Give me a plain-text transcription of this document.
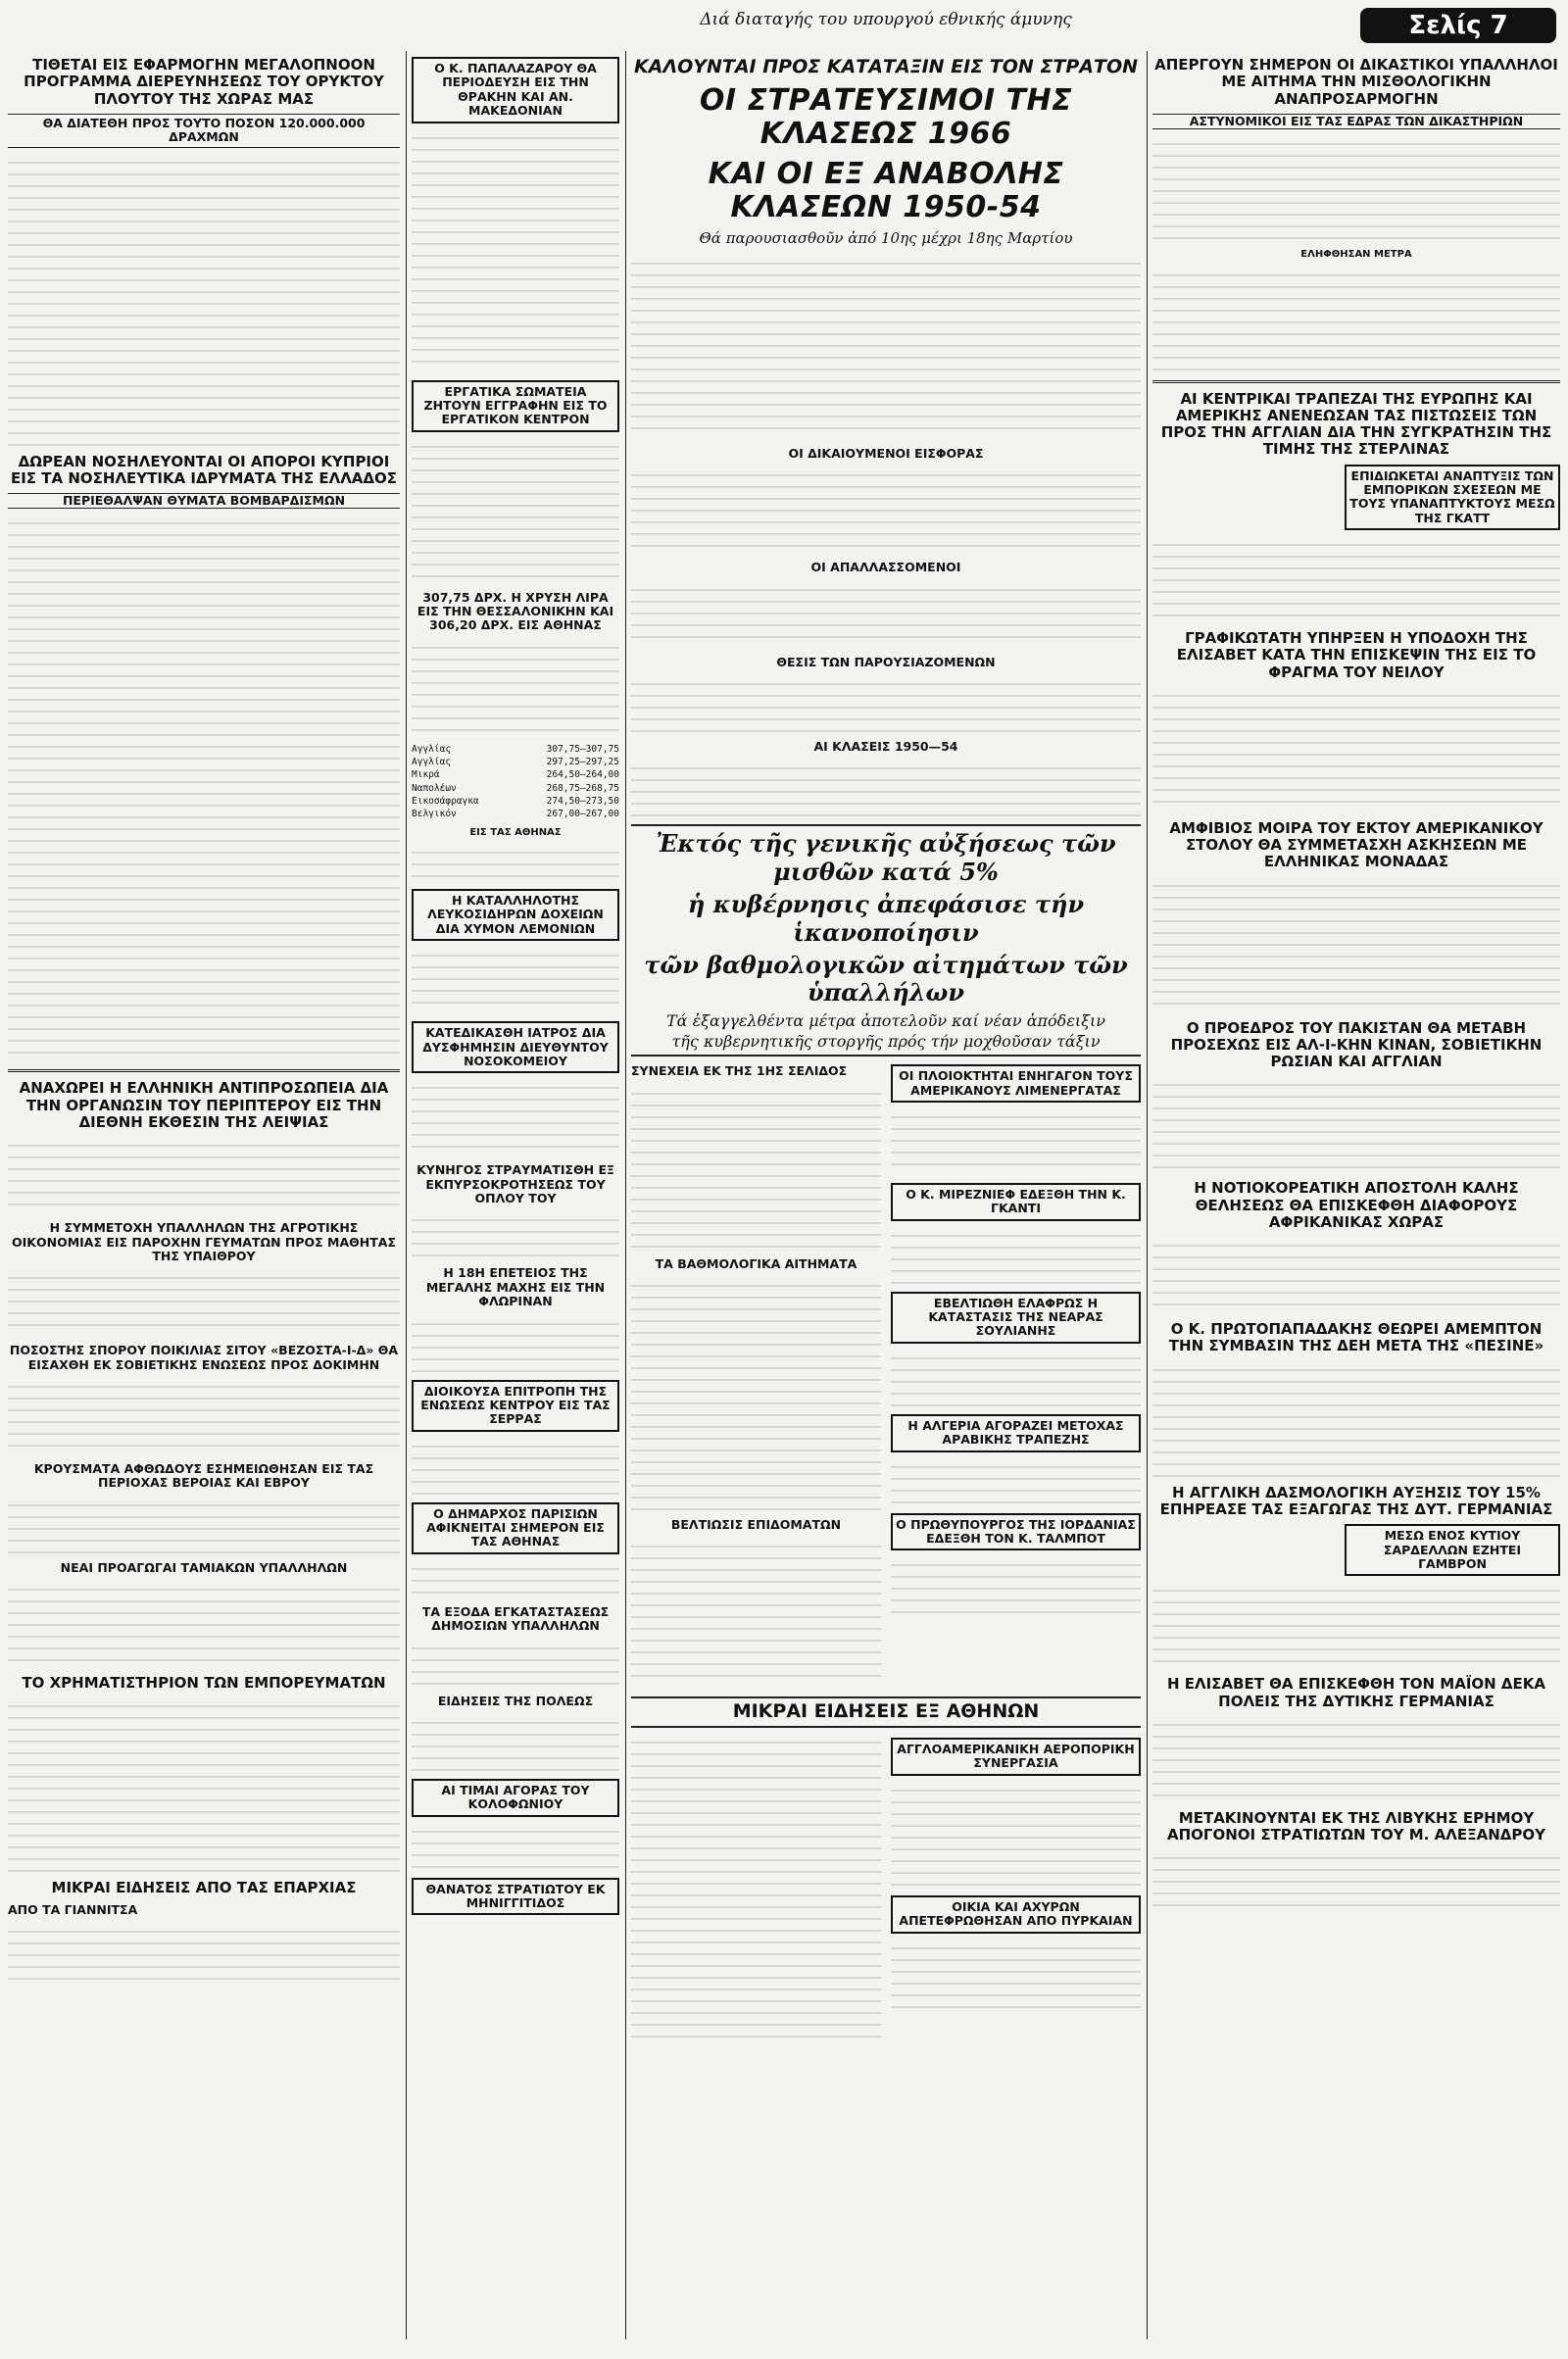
Διά διαταγής του υπουργού εθνικής άμυνης	Σελίς 7
ΤΙΘΕΤΑΙ ΕΙΣ ΕΦΑΡΜΟΓΗΝ ΜΕΓΑΛΟΠΝΟΟΝ ΠΡΟΓΡΑΜΜΑ ΔΙΕΡΕΥΝΗΣΕΩΣ ΤΟΥ ΟΡΥΚΤΟΥ ΠΛΟΥΤΟΥ ΤΗΣ ΧΩΡΑΣ ΜΑΣ
ΘΑ ΔΙΑΤΕΘΗ ΠΡΟΣ ΤΟΥΤΟ ΠΟΣΟΝ 120.000.000 ΔΡΑΧΜΩΝ
ΔΩΡΕΑΝ ΝΟΣΗΛΕΥΟΝΤΑΙ ΟΙ ΑΠΟΡΟΙ ΚΥΠΡΙΟΙ ΕΙΣ ΤΑ ΝΟΣΗΛΕΥΤΙΚΑ ΙΔΡΥΜΑΤΑ ΤΗΣ ΕΛΛΑΔΟΣ
ΠΕΡΙΕΘΑΛΨΑΝ ΘΥΜΑΤΑ ΒΟΜΒΑΡΔΙΣΜΩΝ
ΑΝΑΧΩΡΕΙ Η ΕΛΛΗΝΙΚΗ ΑΝΤΙΠΡΟΣΩΠΕΙΑ ΔΙΑ ΤΗΝ ΟΡΓΑΝΩΣΙΝ ΤΟΥ ΠΕΡΙΠΤΕΡΟΥ ΕΙΣ ΤΗΝ ΔΙΕΘΝΗ ΕΚΘΕΣΙΝ ΤΗΣ ΛΕΙΨΙΑΣ
Η ΣΥΜΜΕΤΟΧΗ ΥΠΑΛΛΗΛΩΝ ΤΗΣ ΑΓΡΟΤΙΚΗΣ ΟΙΚΟΝΟΜΙΑΣ ΕΙΣ ΠΑΡΟΧΗΝ ΓΕΥΜΑΤΩΝ ΠΡΟΣ ΜΑΘΗΤΑΣ ΤΗΣ ΥΠΑΙΘΡΟΥ
ΠΟΣΟΣΤΗΣ ΣΠΟΡΟΥ ΠΟΙΚΙΛΙΑΣ ΣΙΤΟΥ «ΒΕΖΟΣΤΑ-Ι-Δ» ΘΑ ΕΙΣΑΧΘΗ ΕΚ ΣΟΒΙΕΤΙΚΗΣ ΕΝΩΣΕΩΣ ΠΡΟΣ ΔΟΚΙΜΗΝ
ΚΡΟΥΣΜΑΤΑ ΑΦΘΩΔΟΥΣ ΕΣΗΜΕΙΩΘΗΣΑΝ ΕΙΣ ΤΑΣ ΠΕΡΙΟΧΑΣ ΒΕΡΟΙΑΣ ΚΑΙ ΕΒΡΟΥ
ΝΕΑΙ ΠΡΟΑΓΩΓΑΙ ΤΑΜΙΑΚΩΝ ΥΠΑΛΛΗΛΩΝ
ΤΟ ΧΡΗΜΑΤΙΣΤΗΡΙΟΝ ΤΩΝ ΕΜΠΟΡΕΥΜΑΤΩΝ
ΜΙΚΡΑΙ ΕΙΔΗΣΕΙΣ ΑΠΟ ΤΑΣ ΕΠΑΡΧΙΑΣ
ΑΠΟ ΤΑ ΓΙΑΝΝΙΤΣΑ
Ο Κ. ΠΑΠΑΛΑΖΑΡΟΥ ΘΑ ΠΕΡΙΟΔΕΥΣΗ ΕΙΣ ΤΗΝ ΘΡΑΚΗΝ ΚΑΙ ΑΝ. ΜΑΚΕΔΟΝΙΑΝ
ΕΡΓΑΤΙΚΑ ΣΩΜΑΤΕΙΑ ΖΗΤΟΥΝ ΕΓΓΡΑΦΗΝ ΕΙΣ ΤΟ ΕΡΓΑΤΙΚΟΝ ΚΕΝΤΡΟΝ
307,75 ΔΡΧ. Η ΧΡΥΣΗ ΛΙΡΑ ΕΙΣ ΤΗΝ ΘΕΣΣΑΛΟΝΙΚΗΝ ΚΑΙ 306,20 ΔΡΧ. ΕΙΣ ΑΘΗΝΑΣ
Αγγλίας	307,75—307,75
Αγγλίας	297,25—297,25
Μικρά	264,50—264,00
Ναπολέων	268,75—268,75
Εικοσάφραγκα	274,50—273,50
Βελγικόν	267,00—267,00
ΕΙΣ ΤΑΣ ΑΘΗΝΑΣ
Η ΚΑΤΑΛΛΗΛΟΤΗΣ ΛΕΥΚΟΣΙΔΗΡΩΝ ΔΟΧΕΙΩΝ ΔΙΑ ΧΥΜΟΝ ΛΕΜΟΝΙΩΝ
ΚΑΤΕΔΙΚΑΣΘΗ ΙΑΤΡΟΣ ΔΙΑ ΔΥΣΦΗΜΗΣΙΝ ΔΙΕΥΘΥΝΤΟΥ ΝΟΣΟΚΟΜΕΙΟΥ
ΚΥΝΗΓΟΣ ΣΤΡΑΥΜΑΤΙΣΘΗ ΕΞ ΕΚΠΥΡΣΟΚΡΟΤΗΣΕΩΣ ΤΟΥ ΟΠΛΟΥ ΤΟΥ
Η 18Η ΕΠΕΤΕΙΟΣ ΤΗΣ ΜΕΓΑΛΗΣ ΜΑΧΗΣ ΕΙΣ ΤΗΝ ΦΛΩΡΙΝΑΝ
ΔΙΟΙΚΟΥΣΑ ΕΠΙΤΡΟΠΗ ΤΗΣ ΕΝΩΣΕΩΣ ΚΕΝΤΡΟΥ ΕΙΣ ΤΑΣ ΣΕΡΡΑΣ
Ο ΔΗΜΑΡΧΟΣ ΠΑΡΙΣΙΩΝ ΑΦΙΚΝΕΙΤΑΙ ΣΗΜΕΡΟΝ ΕΙΣ ΤΑΣ ΑΘΗΝΑΣ
ΤΑ ΕΞΟΔΑ ΕΓΚΑΤΑΣΤΑΣΕΩΣ ΔΗΜΟΣΙΩΝ ΥΠΑΛΛΗΛΩΝ
ΕΙΔΗΣΕΙΣ ΤΗΣ ΠΟΛΕΩΣ
ΑΙ ΤΙΜΑΙ ΑΓΟΡΑΣ ΤΟΥ ΚΟΛΟΦΩΝΙΟΥ
ΘΑΝΑΤΟΣ ΣΤΡΑΤΙΩΤΟΥ ΕΚ ΜΗΝΙΓΓΙΤΙΔΟΣ
ΚΑΛΟΥΝΤΑΙ ΠΡΟΣ ΚΑΤΑΤΑΞΙΝ ΕΙΣ ΤΟΝ ΣΤΡΑΤΟΝ
ΟΙ ΣΤΡΑΤΕΥΣΙΜΟΙ ΤΗΣ ΚΛΑΣΕΩΣ 1966
ΚΑΙ ΟΙ ΕΞ ΑΝΑΒΟΛΗΣ ΚΛΑΣΕΩΝ 1950-54
Θά παρουσιασθοῦν ἀπό 10ης μέχρι 18ης Μαρτίου
ΟΙ ΔΙΚΑΙΟΥΜΕΝΟΙ ΕΙΣΦΟΡΑΣ
ΟΙ ΑΠΑΛΛΑΣΣΟΜΕΝΟΙ
ΘΕΣΙΣ ΤΩΝ ΠΑΡΟΥΣΙΑΖΟΜΕΝΩΝ
ΑΙ ΚΛΑΣΕΙΣ 1950—54
Ἐκτός τῆς γενικῆς αὐξήσεως τῶν μισθῶν κατά 5%
ἡ κυβέρνησις ἀπεφάσισε τήν ἱκανοποίησιν
τῶν βαθμολογικῶν αἰτημάτων τῶν ὑπαλλήλων
Τά ἐξαγγελθέντα μέτρα ἀποτελοῦν καί νέαν ἀπόδειξιν
τῆς κυβερνητικῆς στοργῆς πρός τήν μοχθοῦσαν τάξιν
ΣΥΝΕΧΕΙΑ ΕΚ ΤΗΣ 1ΗΣ ΣΕΛΙΔΟΣ
ΤΑ ΒΑΘΜΟΛΟΓΙΚΑ ΑΙΤΗΜΑΤΑ
ΒΕΛΤΙΩΣΙΣ ΕΠΙΔΟΜΑΤΩΝ
ΟΙ ΠΛΟΙΟΚΤΗΤΑΙ ΕΝΗΓΑΓΟΝ ΤΟΥΣ ΑΜΕΡΙΚΑΝΟΥΣ ΛΙΜΕΝΕΡΓΑΤΑΣ
Ο Κ. ΜΙΡΕΖΝΙΕΦ ΕΔΕΞΘΗ ΤΗΝ Κ. ΓΚΑΝΤΙ
ΕΒΕΛΤΙΩΘΗ ΕΛΑΦΡΩΣ Η ΚΑΤΑΣΤΑΣΙΣ ΤΗΣ ΝΕΑΡΑΣ ΣΟΥΛΙΑΝΗΣ
Η ΑΛΓΕΡΙΑ ΑΓΟΡΑΖΕΙ ΜΕΤΟΧΑΣ ΑΡΑΒΙΚΗΣ ΤΡΑΠΕΖΗΣ
Ο ΠΡΩΘΥΠΟΥΡΓΟΣ ΤΗΣ ΙΟΡΔΑΝΙΑΣ ΕΔΕΞΘΗ ΤΟΝ Κ. ΤΑΛΜΠΟΤ
ΜΙΚΡΑΙ ΕΙΔΗΣΕΙΣ ΕΞ ΑΘΗΝΩΝ
ΑΓΓΛΟΑΜΕΡΙΚΑΝΙΚΗ ΑΕΡΟΠΟΡΙΚΗ ΣΥΝΕΡΓΑΣΙΑ
ΟΙΚΙΑ ΚΑΙ ΑΧΥΡΩΝ ΑΠΕΤΕΦΡΩΘΗΣΑΝ ΑΠΟ ΠΥΡΚΑΙΑΝ
ΑΠΕΡΓΟΥΝ ΣΗΜΕΡΟΝ ΟΙ ΔΙΚΑΣΤΙΚΟΙ ΥΠΑΛΛΗΛΟΙ ΜΕ ΑΙΤΗΜΑ ΤΗΝ ΜΙΣΘΟΛΟΓΙΚΗΝ ΑΝΑΠΡΟΣΑΡΜΟΓΗΝ
ΑΣΤΥΝΟΜΙΚΟΙ ΕΙΣ ΤΑΣ ΕΔΡΑΣ ΤΩΝ ΔΙΚΑΣΤΗΡΙΩΝ
ΕΛΗΦΘΗΣΑΝ ΜΕΤΡΑ
ΑΙ ΚΕΝΤΡΙΚΑΙ ΤΡΑΠΕΖΑΙ ΤΗΣ ΕΥΡΩΠΗΣ ΚΑΙ ΑΜΕΡΙΚΗΣ ΑΝΕΝΕΩΣΑΝ ΤΑΣ ΠΙΣΤΩΣΕΙΣ ΤΩΝ ΠΡΟΣ ΤΗΝ ΑΓΓΛΙΑΝ ΔΙΑ ΤΗΝ ΣΥΓΚΡΑΤΗΣΙΝ ΤΗΣ ΤΙΜΗΣ ΤΗΣ ΣΤΕΡΛΙΝΑΣ
ΕΠΙΔΙΩΚΕΤΑΙ ΑΝΑΠΤΥΞΙΣ ΤΩΝ ΕΜΠΟΡΙΚΩΝ ΣΧΕΣΕΩΝ ΜΕ ΤΟΥΣ ΥΠΑΝΑΠΤΥΚΤΟΥΣ ΜΕΣΩ ΤΗΣ ΓΚΑΤΤ
ΓΡΑΦΙΚΩΤΑΤΗ ΥΠΗΡΞΕΝ Η ΥΠΟΔΟΧΗ ΤΗΣ ΕΛΙΣΑΒΕΤ ΚΑΤΑ ΤΗΝ ΕΠΙΣΚΕΨΙΝ ΤΗΣ ΕΙΣ ΤΟ ΦΡΑΓΜΑ ΤΟΥ ΝΕΙΛΟΥ
ΑΜΦΙΒΙΟΣ ΜΟΙΡΑ ΤΟΥ ΕΚΤΟΥ ΑΜΕΡΙΚΑΝΙΚΟΥ ΣΤΟΛΟΥ ΘΑ ΣΥΜΜΕΤΑΣΧΗ ΑΣΚΗΣΕΩΝ ΜΕ ΕΛΛΗΝΙΚΑΣ ΜΟΝΑΔΑΣ
Ο ΠΡΟΕΔΡΟΣ ΤΟΥ ΠΑΚΙΣΤΑΝ ΘΑ ΜΕΤΑΒΗ ΠΡΟΣΕΧΩΣ ΕΙΣ ΑΛ-Ι-ΚΗΝ ΚΙΝΑΝ, ΣΟΒΙΕΤΙΚΗΝ ΡΩΣΙΑΝ ΚΑΙ ΑΓΓΛΙΑΝ
Η ΝΟΤΙΟΚΟΡΕΑΤΙΚΗ ΑΠΟΣΤΟΛΗ ΚΑΛΗΣ ΘΕΛΗΣΕΩΣ ΘΑ ΕΠΙΣΚΕΦΘΗ ΔΙΑΦΟΡΟΥΣ ΑΦΡΙΚΑΝΙΚΑΣ ΧΩΡΑΣ
Ο Κ. ΠΡΩΤΟΠΑΠΑΔΑΚΗΣ ΘΕΩΡΕΙ ΑΜΕΜΠΤΟΝ ΤΗΝ ΣΥΜΒΑΣΙΝ ΤΗΣ ΔΕΗ ΜΕΤΑ ΤΗΣ «ΠΕΣΙΝΕ»
Η ΑΓΓΛΙΚΗ ΔΑΣΜΟΛΟΓΙΚΗ ΑΥΞΗΣΙΣ ΤΟΥ 15% ΕΠΗΡΕΑΣΕ ΤΑΣ ΕΞΑΓΩΓΑΣ ΤΗΣ ΔΥΤ. ΓΕΡΜΑΝΙΑΣ
ΜΕΣΩ ΕΝΟΣ ΚΥΤΙΟΥ ΣΑΡΔΕΛΛΩΝ ΕΖΗΤΕΙ ΓΑΜΒΡΟΝ
Η ΕΛΙΣΑΒΕΤ ΘΑ ΕΠΙΣΚΕΦΘΗ ΤΟΝ ΜΑΪΟΝ ΔΕΚΑ ΠΟΛΕΙΣ ΤΗΣ ΔΥΤΙΚΗΣ ΓΕΡΜΑΝΙΑΣ
ΜΕΤΑΚΙΝΟΥΝΤΑΙ ΕΚ ΤΗΣ ΛΙΒΥΚΗΣ ΕΡΗΜΟΥ ΑΠΟΓΟΝΟΙ ΣΤΡΑΤΙΩΤΩΝ ΤΟΥ Μ. ΑΛΕΞΑΝΔΡΟΥ
